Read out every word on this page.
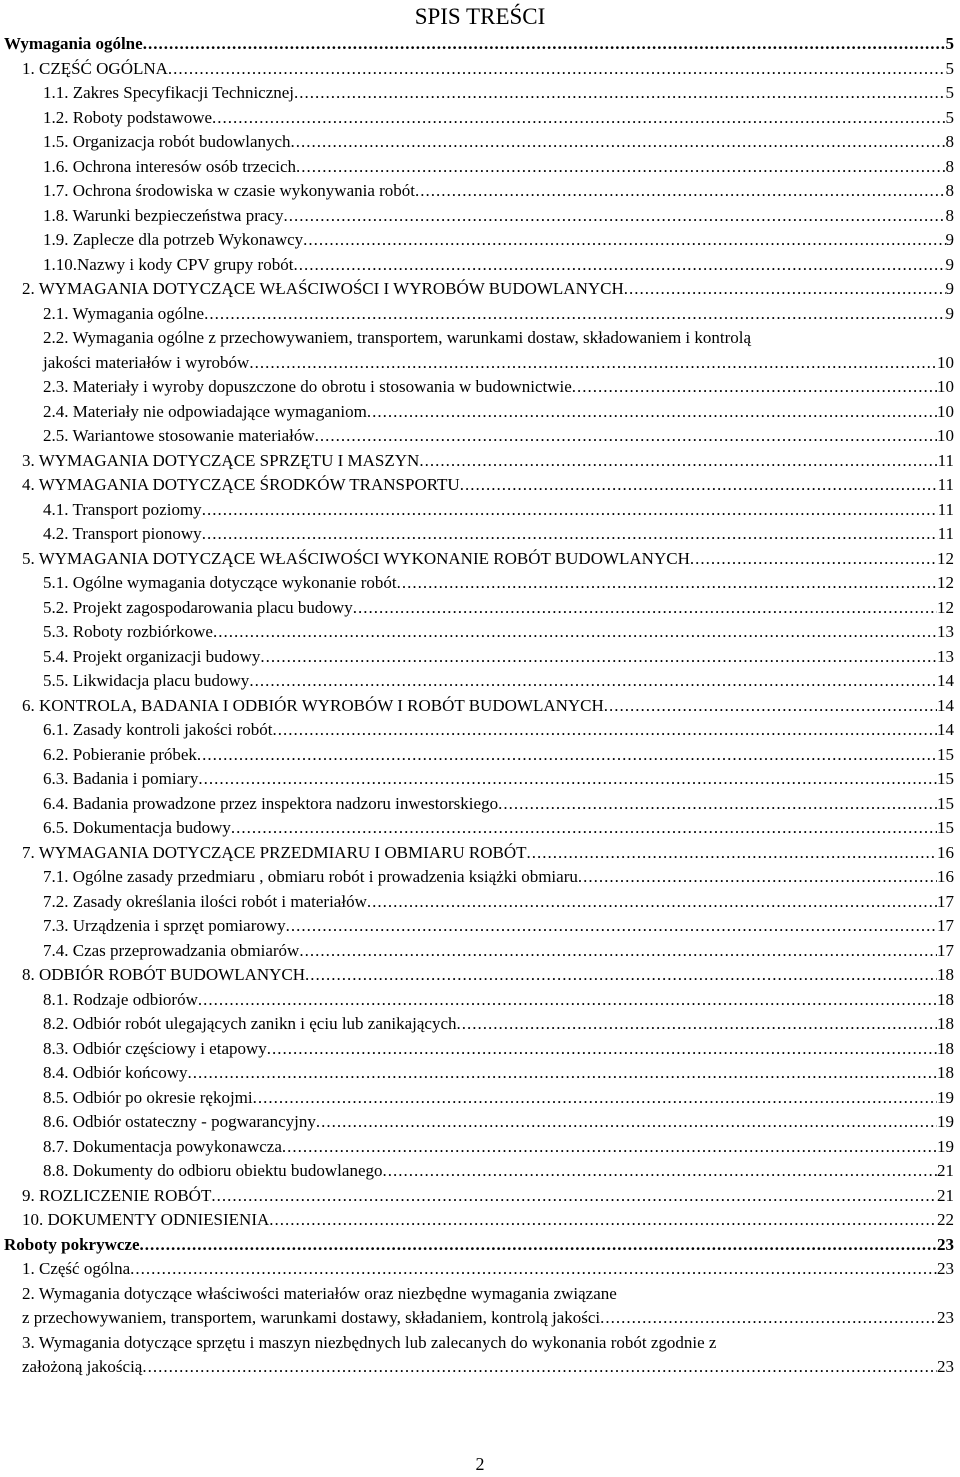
SPIS TREŚCI
Wymagania ogólne .....	5
1. CZĘŚĆ OGÓLNA .....	5
1.1. Zakres Specyfikacji Technicznej .....	5
1.2. Roboty podstawowe .....	5
1.5. Organizacja robót budowlanych .....	8
1.6. Ochrona interesów osób trzecich .....	8
1.7. Ochrona środowiska w czasie wykonywania robót .....	8
1.8. Warunki bezpieczeństwa pracy .....	8
1.9. Zaplecze dla potrzeb Wykonawcy .....	9
1.10.Nazwy i kody CPV grupy robót .....	9
2. WYMAGANIA DOTYCZĄCE WŁAŚCIWOŚCI I WYROBÓW BUDOWLANYCH .....	9
2.1. Wymagania ogólne .....	9
2.2. Wymagania ogólne z przechowywaniem, transportem, warunkami dostaw, składowaniem i kontrolą
jakości materiałów i wyrobów .....	10
2.3. Materiały i wyroby dopuszczone do obrotu i stosowania w budownictwie .....	10
2.4. Materiały nie odpowiadające wymaganiom .....	10
2.5. Wariantowe stosowanie materiałów .....	10
3. WYMAGANIA DOTYCZĄCE SPRZĘTU I MASZYN .....	11
4. WYMAGANIA DOTYCZĄCE ŚRODKÓW TRANSPORTU .....	11
4.1. Transport poziomy .....	11
4.2. Transport pionowy .....	11
5. WYMAGANIA DOTYCZĄCE WŁAŚCIWOŚCI WYKONANIE ROBÓT BUDOWLANYCH .....	12
5.1. Ogólne wymagania dotyczące wykonanie robót .....	12
5.2. Projekt zagospodarowania placu budowy .....	12
5.3. Roboty rozbiórkowe .....	13
5.4. Projekt organizacji budowy .....	13
5.5. Likwidacja placu budowy .....	14
6. KONTROLA, BADANIA I ODBIÓR WYROBÓW I ROBÓT BUDOWLANYCH .....	14
6.1. Zasady kontroli jakości robót .....	14
6.2. Pobieranie próbek .....	15
6.3. Badania i pomiary .....	15
6.4. Badania prowadzone przez inspektora nadzoru inwestorskiego .....	15
6.5. Dokumentacja budowy .....	15
7. WYMAGANIA DOTYCZĄCE PRZEDMIARU I OBMIARU ROBÓT .....	16
7.1. Ogólne zasady przedmiaru , obmiaru robót i prowadzenia książki obmiaru .....	16
7.2. Zasady określania ilości robót i materiałów .....	17
7.3. Urządzenia i sprzęt pomiarowy .....	17
7.4. Czas przeprowadzania obmiarów .....	17
8. ODBIÓR ROBÓT BUDOWLANYCH .....	18
8.1. Rodzaje odbiorów .....	18
8.2. Odbiór robót ulegających zanikn i ęciu lub zanikających .....	18
8.3. Odbiór częściowy i etapowy .....	18
8.4. Odbiór końcowy .....	18
8.5. Odbiór po okresie rękojmi .....	19
8.6. Odbiór ostateczny - pogwarancyjny .....	19
8.7. Dokumentacja powykonawcza .....	19
8.8. Dokumenty do odbioru obiektu budowlanego .....	21
9. ROZLICZENIE ROBÓT .....	21
10. DOKUMENTY ODNIESIENIA .....	22
Roboty pokrywcze .....	23
1. Część ogólna .....	23
2. Wymagania dotyczące właściwości materiałów oraz niezbędne wymagania związane
z przechowywaniem, transportem, warunkami dostawy, składaniem, kontrolą jakości .....	23
3. Wymagania dotyczące sprzętu i maszyn niezbędnych lub zalecanych do wykonania robót zgodnie z
założoną jakością .....	23
2
